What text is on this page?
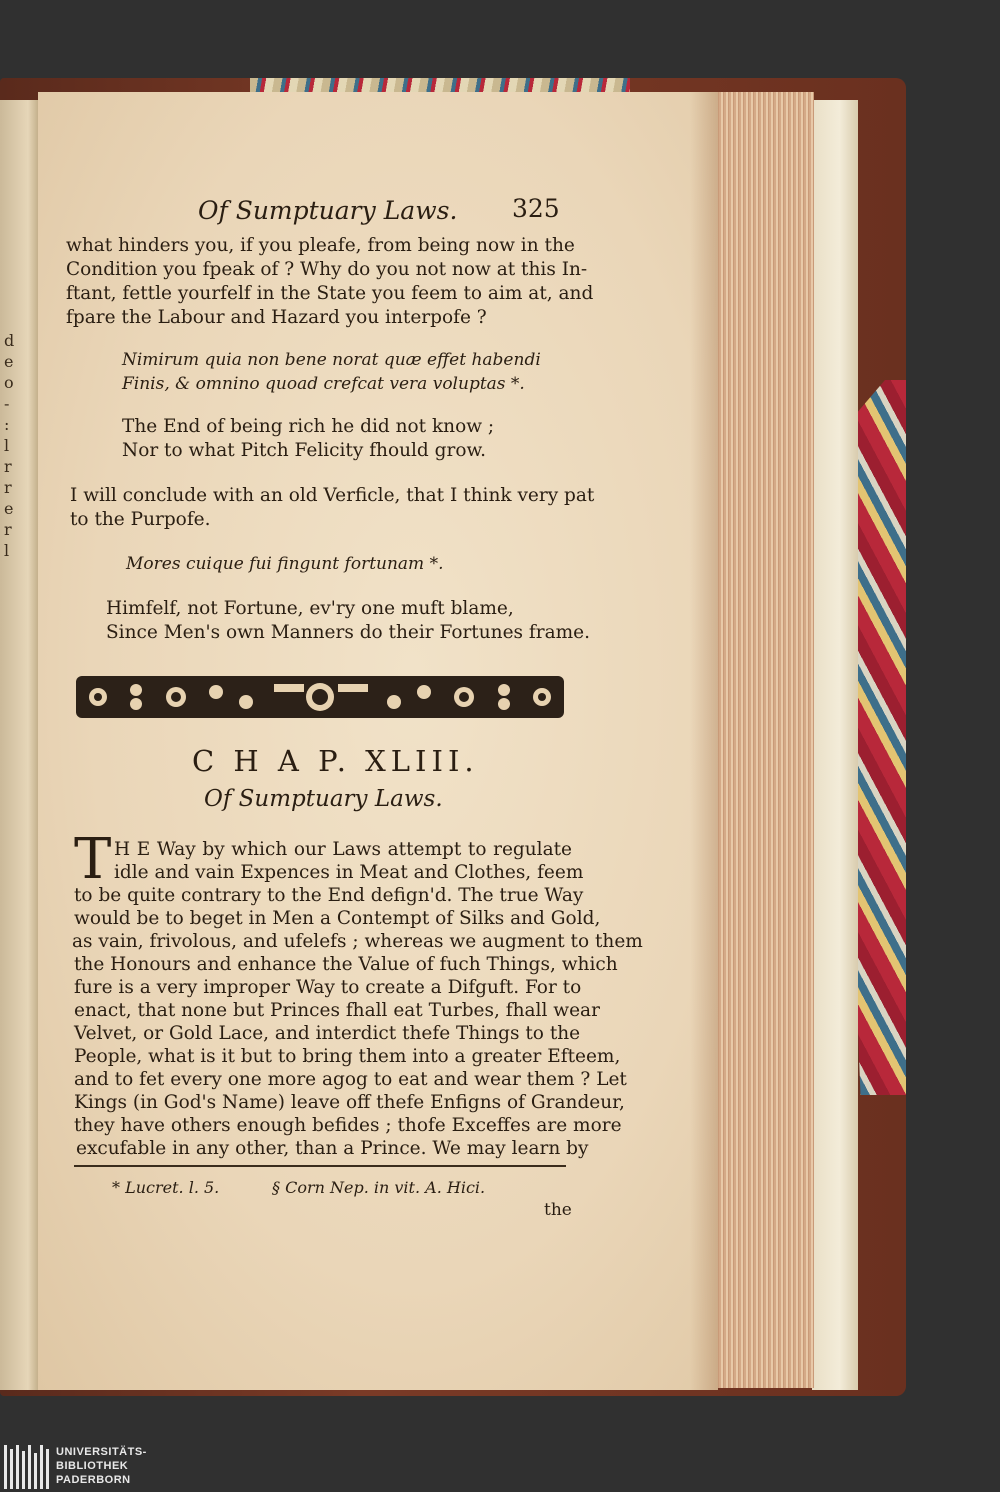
d
e
o
-
:
l
r
r
e
r
l
Of Sumptuary Laws. 325
what hinders you, if you pleafe, from being now in the
Condition you fpeak of ? Why do you not now at this In-
ftant, fettle yourfelf in the State you feem to aim at, and
fpare the Labour and Hazard you interpofe ?
Nimirum quia non bene norat quæ effet habendi
Finis, & omnino quoad crefcat vera voluptas *.
The End of being rich he did not know ;
Nor to what Pitch Felicity fhould grow.
I will conclude with an old Verficle, that I think very pat
to the Purpofe.
Mores cuique fui fingunt fortunam *.
Himfelf, not Fortune, ev'ry one muft blame,
Since Men's own Manners do their Fortunes frame.
C H A P. XLIII.
Of Sumptuary Laws.
T H E Way by which our Laws attempt to regulate
idle and vain Expences in Meat and Clothes, feem
to be quite contrary to the End defign'd. The true Way
would be to beget in Men a Contempt of Silks and Gold,
as vain, frivolous, and ufelefs ; whereas we augment to them
the Honours and enhance the Value of fuch Things, which
fure is a very improper Way to create a Difguft. For to
enact, that none but Princes fhall eat Turbes, fhall wear
Velvet, or Gold Lace, and interdict thefe Things to the
People, what is it but to bring them into a greater Efteem,
and to fet every one more agog to eat and wear them ? Let
Kings (in God's Name) leave off thefe Enfigns of Grandeur,
they have others enough befides ; thofe Exceffes are more
excufable in any other, than a Prince. We may learn by
* Lucret. l. 5.	§ Corn Nep. in vit. A. Hici.
the
UNIVERSITÄTS-
BIBLIOTHEK
PADERBORN
